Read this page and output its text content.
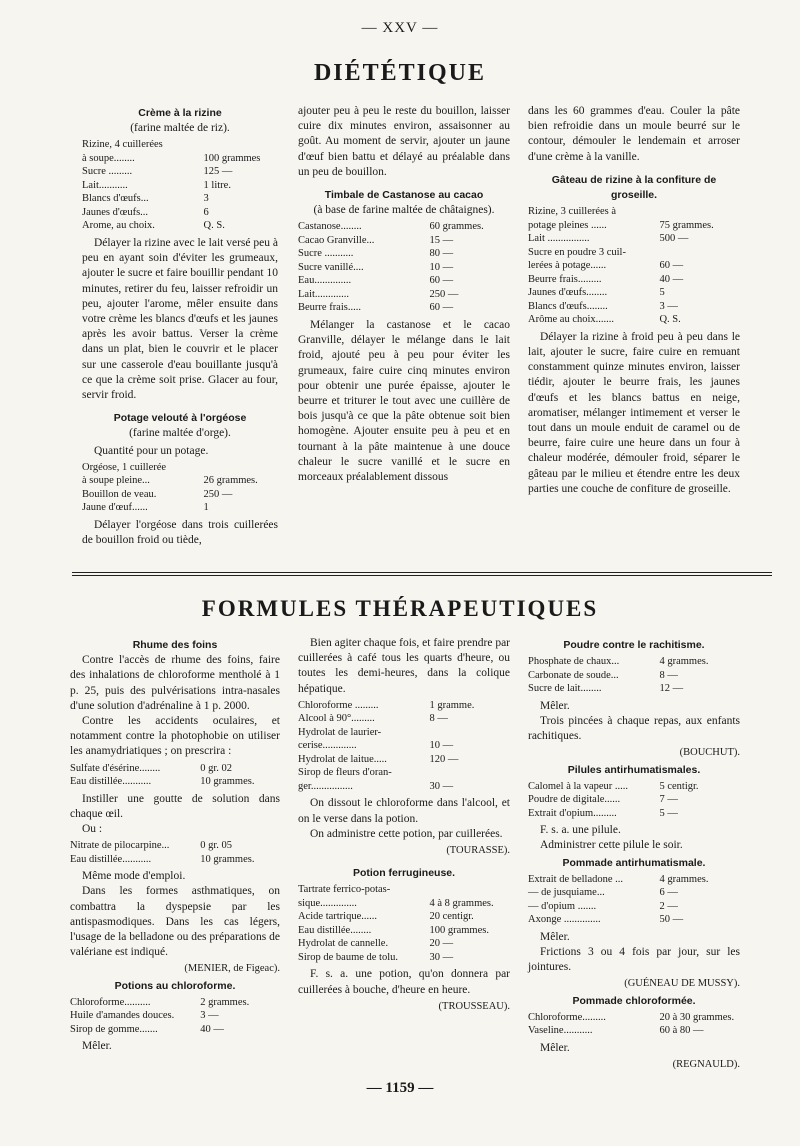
— XXV —
DIÉTÉTIQUE
Crème à la rizine
(farine maltée de riz).
Rizine, 4 cuillerées	
à soupe........	100 grammes
Sucre .........	125 —
Lait...........	1 litre.
Blancs d'œufs...	3
Jaunes d'œufs...	6
Arome, au choix.	Q. S.

Délayer la rizine avec le lait versé peu à peu en ayant soin d'éviter les grumeaux, ajouter le sucre et faire bouillir pendant 10 minutes, retirer du feu, laisser refroidir un peu, ajouter l'arome, mêler ensuite dans votre crème les blancs d'œufs et les jaunes après les avoir battus. Verser la crème dans un plat, bien le couvrir et le placer sur une casserole d'eau bouillante jusqu'à ce que la crème soit prise. Glacer au four, servir froid.

Potage velouté à l'orgéose
(farine maltée d'orge).

Quantité pour un potage.

Orgéose, 1 cuillerée	
à soupe pleine...	26 grammes.
Bouillon de veau.	250 —
Jaune d'œuf......	1

Délayer l'orgéose dans trois cuillerées de bouillon froid ou tiède,

ajouter peu à peu le reste du bouillon, laisser cuire dix minutes environ, assaisonner au goût. Au moment de servir, ajouter un jaune d'œuf bien battu et délayé au préalable dans un peu de bouillon.

Timbale de Castanose au cacao
(à base de farine maltée de châtaignes).
Castanose........	60 grammes.
Cacao Granville...	15 —
Sucre ...........	80 —
Sucre vanillé....	10 —
Eau..............	60 —
Lait.............	250 —
Beurre frais.....	60 —

Mélanger la castanose et le cacao Granville, délayer le mélange dans le lait froid, ajouté peu à peu pour éviter les grumeaux, faire cuire cinq minutes environ pour obtenir une purée épaisse, ajouter le beurre et triturer le tout avec une cuillère de bois jusqu'à ce que la pâte obtenue soit bien homogène. Ajouter ensuite peu à peu et en tournant à la pâte maintenue à une douce chaleur le sucre vanillé et le sucre en morceaux préalablement dissous

dans les 60 grammes d'eau. Couler la pâte bien refroidie dans un moule beurré sur le contour, démouler le lendemain et arroser d'une crème à la vanille.

Gâteau de rizine à la confiture de groseille.
Rizine, 3 cuillerées à	
potage pleines ......	75 grammes.
Lait ................	500 —
Sucre en poudre 3 cuil-	
lerées à potage......	60 —
Beurre frais.........	40 —
Jaunes d'œufs........	5
Blancs d'œufs........	3 —
Arôme au choix.......	Q. S.

Délayer la rizine à froid peu à peu dans le lait, ajouter le sucre, faire cuire en remuant constamment quinze minutes environ, laisser tiédir, ajouter le beurre frais, les jaunes d'œufs et les blancs battus en neige, aromatiser, mélanger intimement et verser le tout dans un moule enduit de caramel ou de beurre, faire cuire une heure dans un four à chaleur modérée, démouler froid, séparer le gâteau par le milieu et étendre entre les deux parties une couche de confiture de groseille.

FORMULES THÉRAPEUTIQUES
Rhume des foins

Contre l'accès de rhume des foins, faire des inhalations de chloroforme mentholé à 1 p. 25, puis des pulvérisations intra-nasales d'une solution d'adrénaline à 1 p. 2000.

Contre les accidents oculaires, et notamment contre la photophobie on utiliser les anamydriatiques ; on prescrira :

Sulfate d'ésérine........	0 gr. 02
Eau distillée...........	10 grammes.

Instiller une goutte de solution dans chaque œil.

Ou :

Nitrate de pilocarpine...	0 gr. 05
Eau distillée...........	10 grammes.

Même mode d'emploi.

Dans les formes asthmatiques, on combattra la dyspepsie par les antispasmodiques. Dans les cas légers, l'usage de la belladone ou des préparations de valériane est indiqué.

(MENIER, de Figeac).
Potions au chloroforme.
Chloroforme..........	2 grammes.
Huile d'amandes douces.	3 —
Sirop de gomme.......	40 —

Mêler.

Bien agiter chaque fois, et faire prendre par cuillerées à café tous les quarts d'heure, ou toutes les demi-heures, dans la colique hépatique.

Chloroforme .........	1 gramme.
Alcool à 90°.........	8 —
Hydrolat de laurier-	
cerise.............	10 —
Hydrolat de laitue.....	120 —
Sirop de fleurs d'oran-	
ger................	30 —

On dissout le chloroforme dans l'alcool, et on le verse dans la potion.

On administre cette potion, par cuillerées.

(TOURASSE).
Potion ferrugineuse.
Tartrate ferrico-potas-	
sique..............	4 à 8 grammes.
Acide tartrique......	20 centigr.
Eau distillée........	100 grammes.
Hydrolat de cannelle.	20 —
Sirop de baume de tolu.	30 —

F. s. a. une potion, qu'on donnera par cuillerées à bouche, d'heure en heure.

(TROUSSEAU).
Poudre contre le rachitisme.
Phosphate de chaux...	4 grammes.
Carbonate de soude...	8 —
Sucre de lait........	12 —

Mêler.

Trois pincées à chaque repas, aux enfants rachitiques.

(BOUCHUT).
Pilules antirhumatismales.
Calomel à la vapeur .....	5 centigr.
Poudre de digitale......	7 —
Extrait d'opium.........	5 —

F. s. a. une pilule.

Administrer cette pilule le soir.

Pommade antirhumatismale.
Extrait de belladone ...	4 grammes.
— de jusquiame...	6 —
— d'opium .......	2 —
Axonge ..............	50 —

Mêler.

Frictions 3 ou 4 fois par jour, sur les jointures.

(GUÉNEAU DE MUSSY).
Pommade chloroformée.
Chloroforme.........	20 à 30 grammes.
Vaseline...........	60 à 80 —

Mêler.

(REGNAULD).
— 1159 —
